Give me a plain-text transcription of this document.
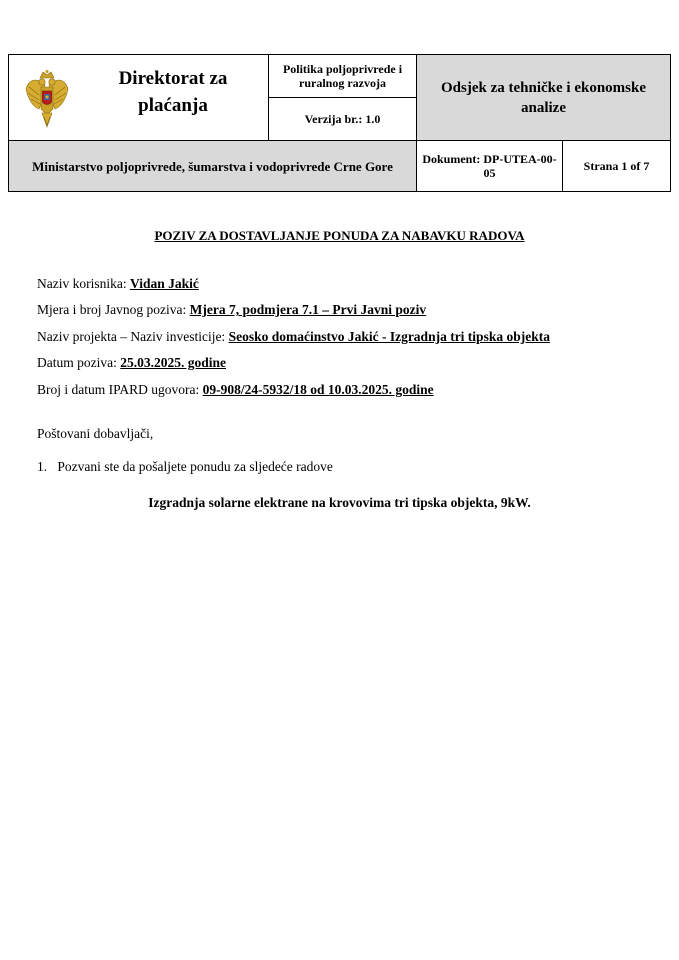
Direktorat za plaćanja	Politika poljoprivrede i ruralnog razvoja	Odsjek za tehničke i ekonomske analize	
	Verzija br.: 1.0		
Ministarstvo poljoprivrede, šumarstva i vodoprivrede Crne Gore		Dokument: DP-UTEA-00-05	Strana 1 of 7
POZIV ZA DOSTAVLJANJE PONUDA ZA NABAVKU RADOVA
Naziv korisnika: Vidan Jakić
Mjera i broj Javnog poziva: Mjera 7, podmjera 7.1 – Prvi Javni poziv
Naziv projekta – Naziv investicije: Seosko domaćinstvo Jakić - Izgradnja tri tipska objekta
Datum poziva: 25.03.2025. godine
Broj i datum IPARD ugovora: 09-908/24-5932/18 od 10.03.2025. godine
Poštovani dobavljači,
1. Pozvani ste da pošaljete ponudu za sljedeće radove
Izgradnja solarne elektrane na krovovima tri tipska objekta, 9kW.
